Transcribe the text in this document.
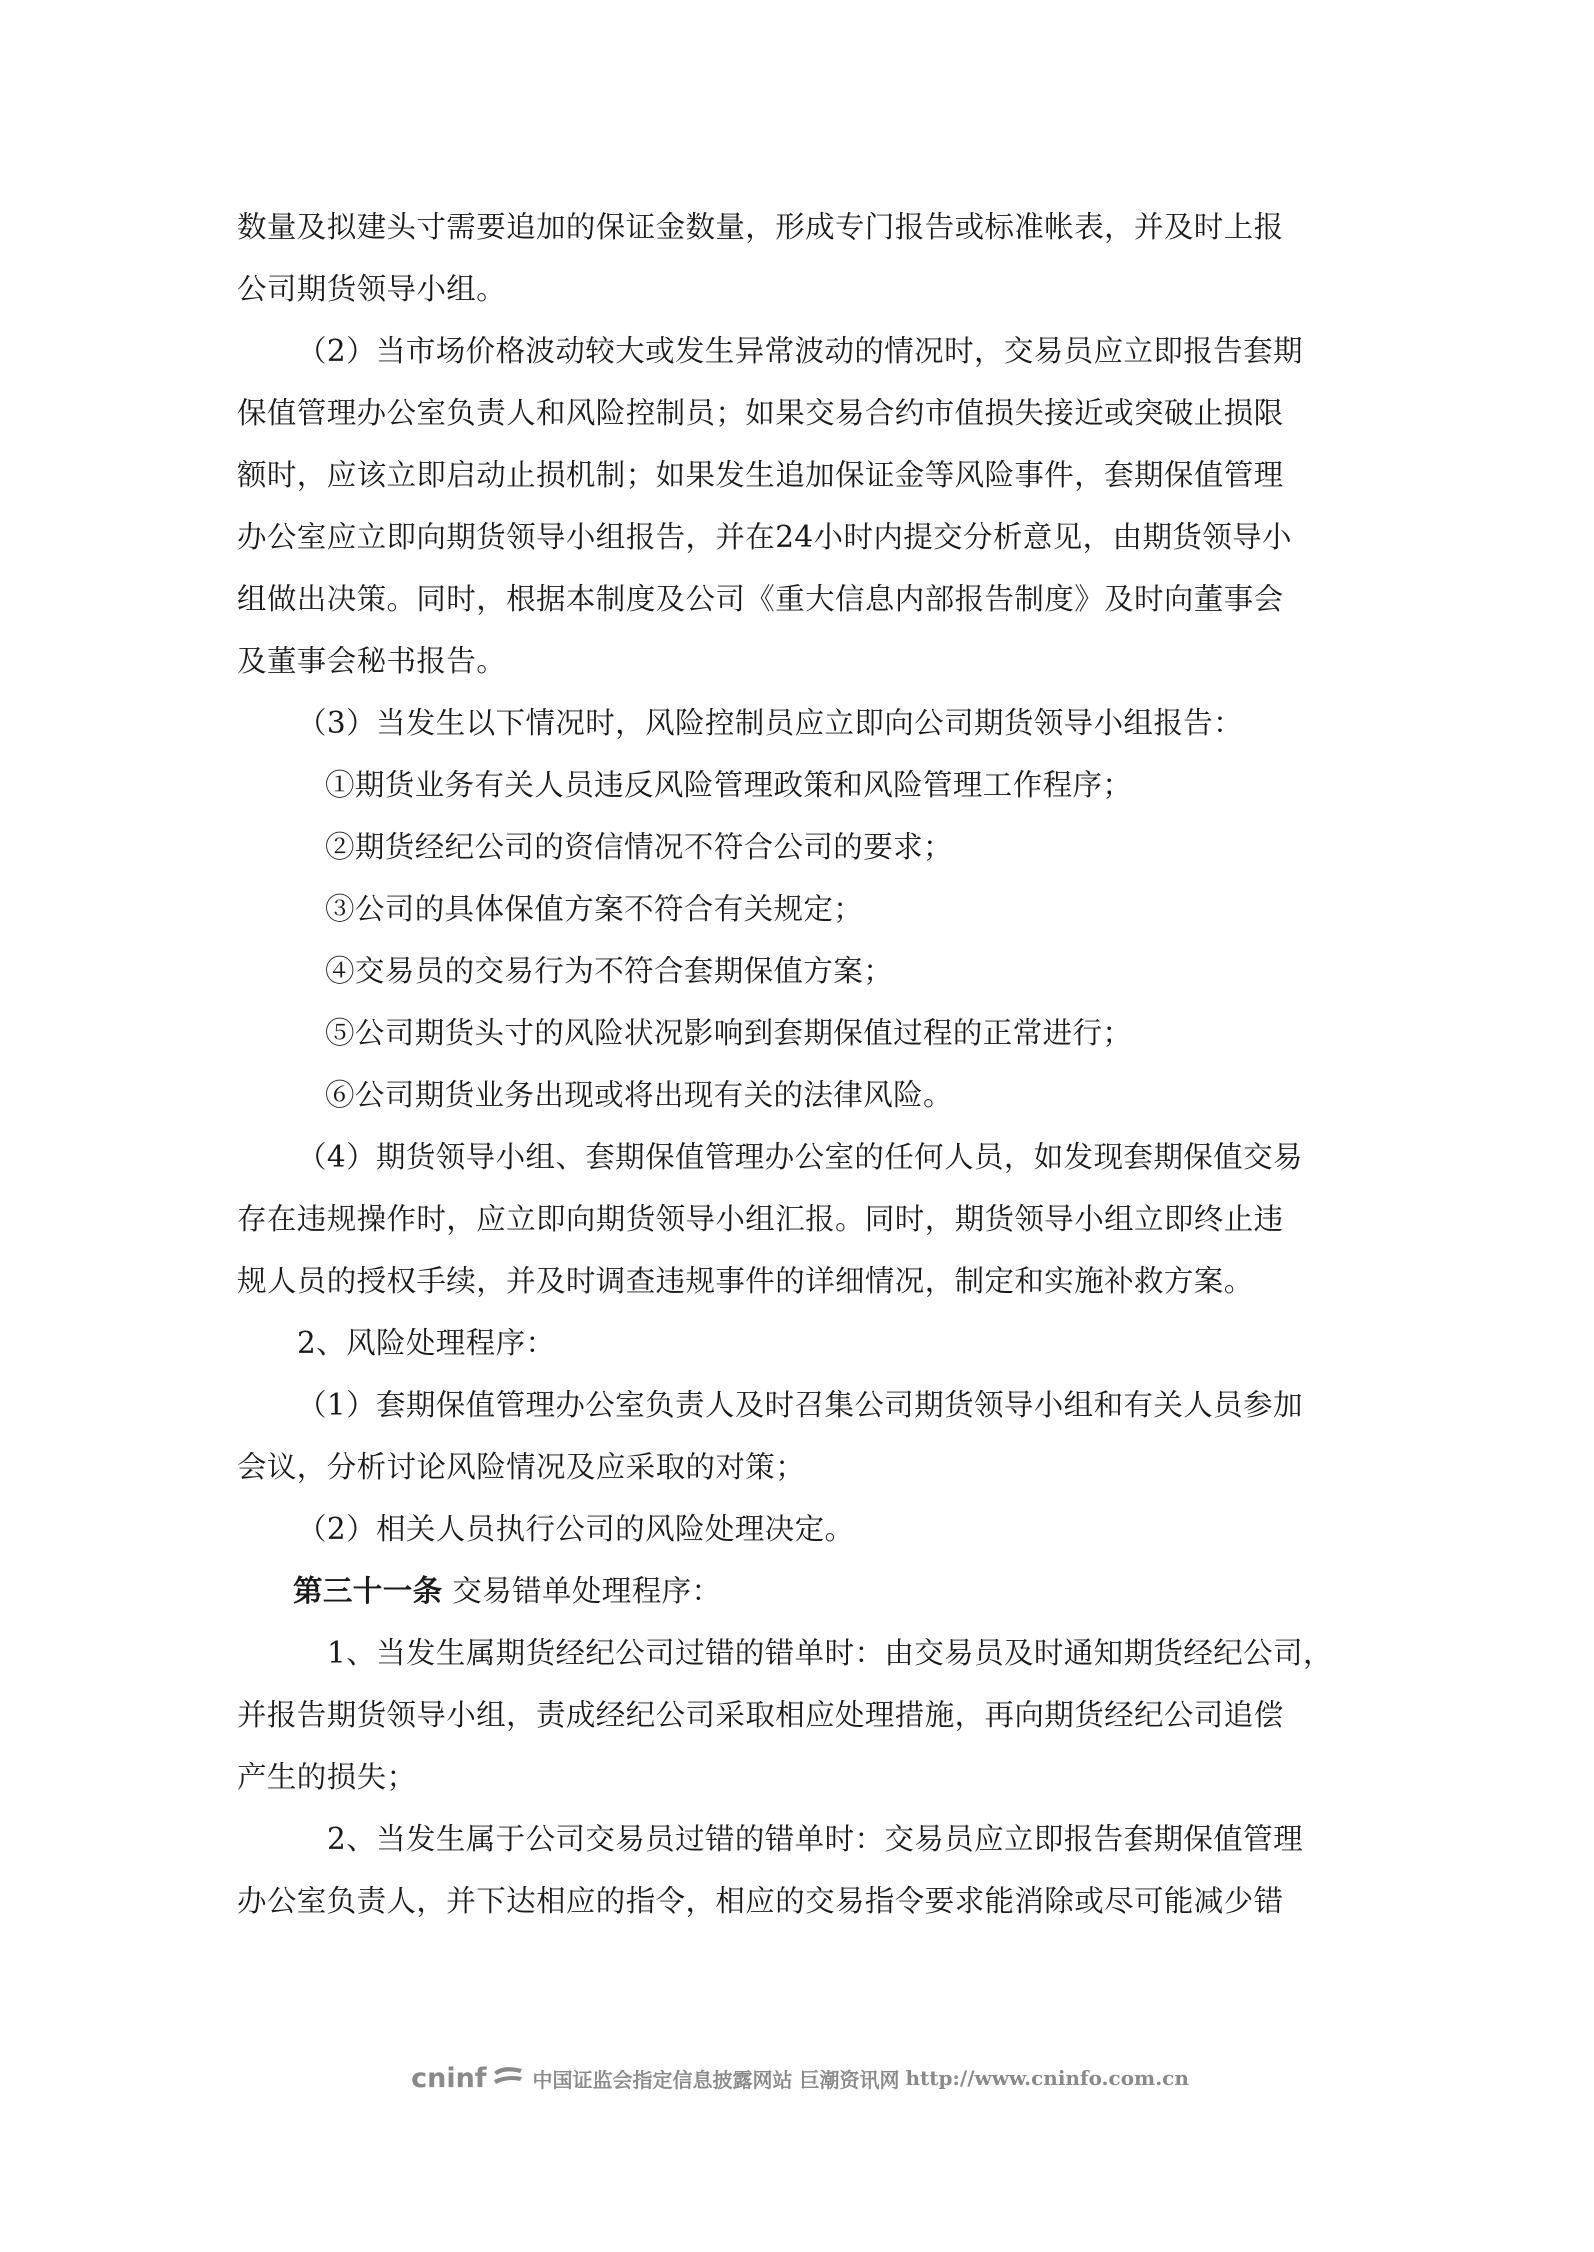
数量及拟建头寸需要追加的保证金数量，形成专门报告或标准帐表，并及时上报
公司期货领导小组。
（2）当市场价格波动较大或发生异常波动的情况时，交易员应立即报告套期
保值管理办公室负责人和风险控制员；如果交易合约市值损失接近或突破止损限
额时，应该立即启动止损机制；如果发生追加保证金等风险事件，套期保值管理
办公室应立即向期货领导小组报告，并在24小时内提交分析意见，由期货领导小
组做出决策。同时，根据本制度及公司《重大信息内部报告制度》及时向董事会
及董事会秘书报告。
（3）当发生以下情况时，风险控制员应立即向公司期货领导小组报告：
①期货业务有关人员违反风险管理政策和风险管理工作程序；
②期货经纪公司的资信情况不符合公司的要求；
③公司的具体保值方案不符合有关规定；
④交易员的交易行为不符合套期保值方案；
⑤公司期货头寸的风险状况影响到套期保值过程的正常进行；
⑥公司期货业务出现或将出现有关的法律风险。
（4）期货领导小组、套期保值管理办公室的任何人员，如发现套期保值交易
存在违规操作时，应立即向期货领导小组汇报。同时，期货领导小组立即终止违
规人员的授权手续，并及时调查违规事件的详细情况，制定和实施补救方案。
2、风险处理程序：
（1）套期保值管理办公室负责人及时召集公司期货领导小组和有关人员参加
会议，分析讨论风险情况及应采取的对策；
（2）相关人员执行公司的风险处理决定。
第三十一条 交易错单处理程序：
1、当发生属期货经纪公司过错的错单时：由交易员及时通知期货经纪公司，
并报告期货领导小组，责成经纪公司采取相应处理措施，再向期货经纪公司追偿
产生的损失；
2、当发生属于公司交易员过错的错单时：交易员应立即报告套期保值管理
办公室负责人，并下达相应的指令，相应的交易指令要求能消除或尽可能减少错
cninf 中国证监会指定信息披露网站 巨潮资讯网 http://www.cninfo.com.cn
